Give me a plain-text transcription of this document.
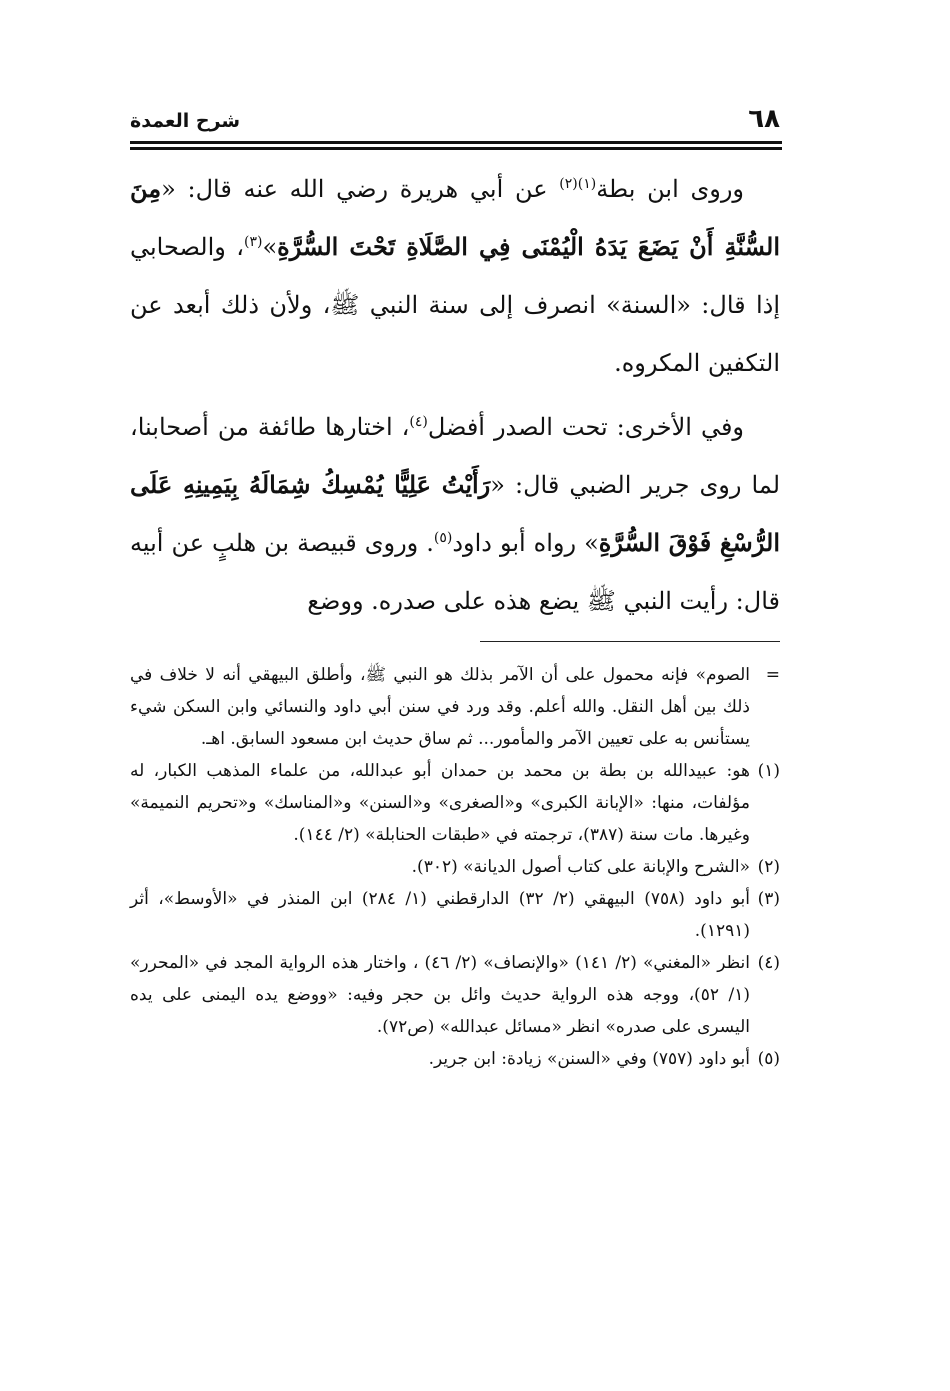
٦٨
شرح العمدة

وروى ابن بطة$^{(١)(٢)}$ عن أبي هريرة رضي الله عنه قال: «مِنَ السُّنَّةِ أَنْ يَضَعَ يَدَهُ الْيُمْنَى فِي الصَّلَاةِ تَحْتَ السُّرَّةِ»$^{(٣)}$، والصحابي إذا قال: «السنة» انصرف إلى سنة النبي ﷺ، ولأن ذلك أبعد عن التكفين المكروه.

وفي الأخرى: تحت الصدر أفضل$^{(٤)}$، اختارها طائفة من أصحابنا، لما روى جرير الضبي قال: «رَأَيْتُ عَلِيًّا يُمْسِكُ شِمَالَهُ بِيَمِينِهِ عَلَى الرُّسْغِ فَوْقَ السُّرَّةِ» رواه أبو داود$^{(٥)}$. وروى قبيصة بن هلبٍ عن أبيه قال: رأيت النبي ﷺ يضع هذه على صدره. ووضع

=
الصوم» فإنه محمول على أن الآمر بذلك هو النبي ﷺ، وأطلق البيهقي أنه لا خلاف في ذلك بين أهل النقل. والله أعلم. وقد ورد في سنن أبي داود والنسائي وابن السكن شيء يستأنس به على تعيين الآمر والمأمور... ثم ساق حديث ابن مسعود السابق. اهـ.

(١)
هو: عبيدالله بن بطة بن محمد بن حمدان أبو عبدالله، من علماء المذهب الكبار، له مؤلفات، منها: «الإبانة الكبرى» و«الصغرى» و«السنن» و«المناسك» و«تحريم النميمة» وغيرها. مات سنة (٣٨٧)، ترجمته في «طبقات الحنابلة» (٢/ ١٤٤).

(٢)
«الشرح والإبانة على كتاب أصول الديانة» (٣٠٢).

(٣)
أبو داود (٧٥٨) البيهقي (٢/ ٣٢) الدارقطني (١/ ٢٨٤) ابن المنذر في «الأوسط»، أثر (١٢٩١).

(٤)
انظر «المغني» (٢/ ١٤١) «والإنصاف» (٢/ ٤٦) ، واختار هذه الرواية المجد في «المحرر» (١/ ٥٢)، ووجه هذه الرواية حديث وائل بن حجر وفيه: «ووضع يده اليمنى على يده اليسرى على صدره» انظر «مسائل عبدالله» (ص٧٢).

(٥)
أبو داود (٧٥٧) وفي «السنن» زيادة: ابن جرير.
